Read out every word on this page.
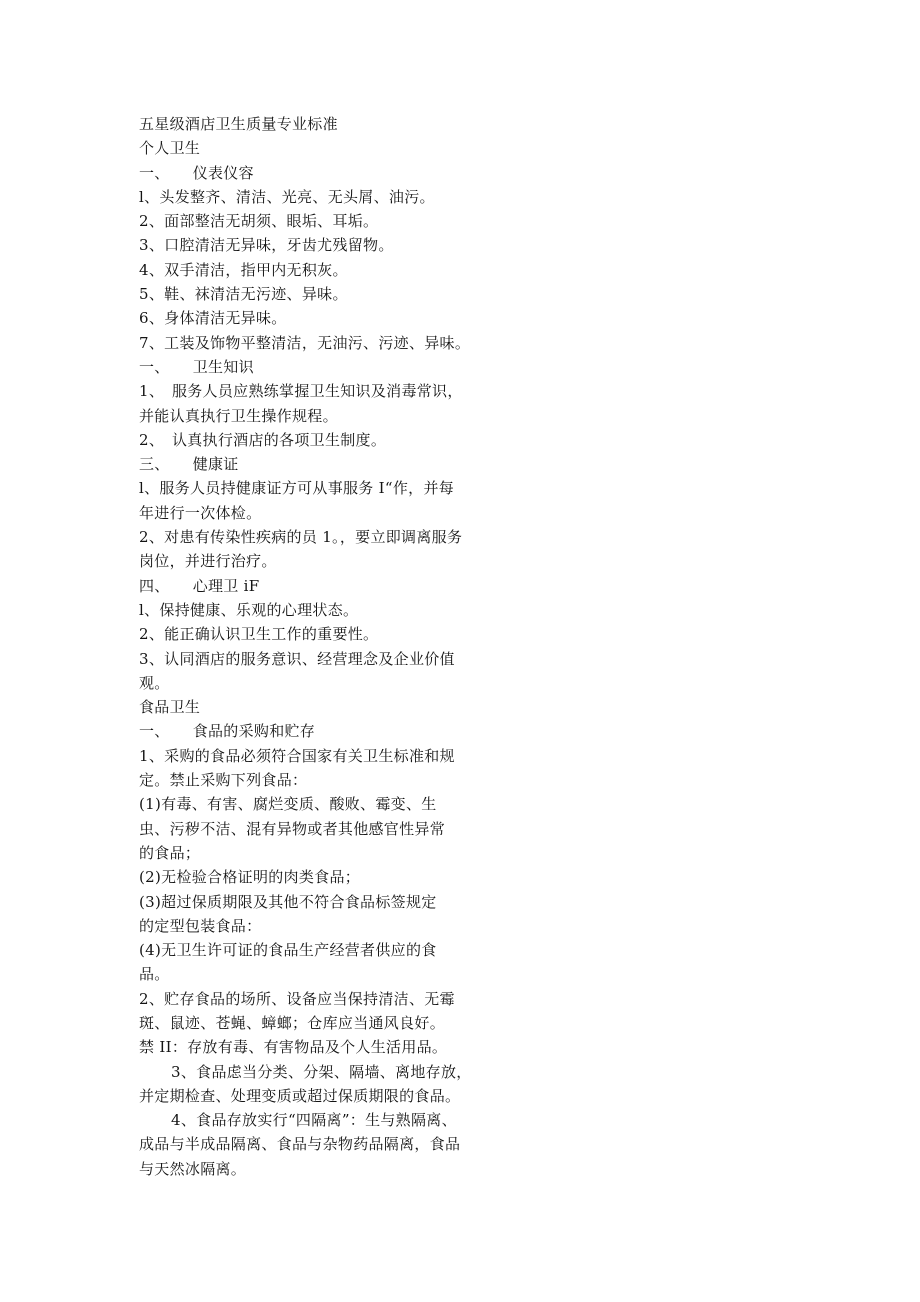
五星级酒店卫生质量专业标准
个人卫生
一、　　仪表仪容
l、头发整齐、清洁、光亮、无头屑、油污。
2、面部整洁无胡须、眼垢、耳垢。
3、口腔清洁无异味，牙齿尤残留物。
4、双手清洁，指甲内无积灰。
5、鞋、袜清洁无污迹、异味。
6、身体清洁无异味。
7、工装及饰物平整清洁，无油污、污迹、异味。
一、　　卫生知识
1、　服务人员应熟练掌握卫生知识及消毒常识，
并能认真执行卫生操作规程。
2、　认真执行酒店的各项卫生制度。
三、　　健康证
l、服务人员持健康证方可从事服务 I“作，并每
年进行一次体检。
2、对患有传染性疾病的员 1。，要立即调离服务
岗位，并进行治疗。
四、　　心理卫 iF
l、保持健康、乐观的心理状态。
2、能正确认识卫生工作的重要性。
3、认同酒店的服务意识、经营理念及企业价值
观。
食品卫生
一、　　食品的采购和贮存
1、采购的食品必须符合国家有关卫生标准和规
定。禁止采购下列食品：
(1)有毒、有害、腐烂变质、酸败、霉变、生
虫、污秽不洁、混有异物或者其他感官性异常
的食品；
(2)无检验合格证明的肉类食品；
(3)超过保质期限及其他不符合食品标签规定
的定型包装食品：
(4)无卫生许可证的食品生产经营者供应的食
品。
2、贮存食品的场所、设备应当保持清洁、无霉
斑、鼠迹、苍蝇、蟑螂；仓库应当通风良好。
禁 II：存放有毒、有害物品及个人生活用品。
3、食品虑当分类、分架、隔墙、离地存放，
并定期检查、处理变质或超过保质期限的食品。
4、食品存放实行“四隔离”：生与熟隔离、
成品与半成品隔离、食品与杂物药品隔离，食品
与天然冰隔离。
